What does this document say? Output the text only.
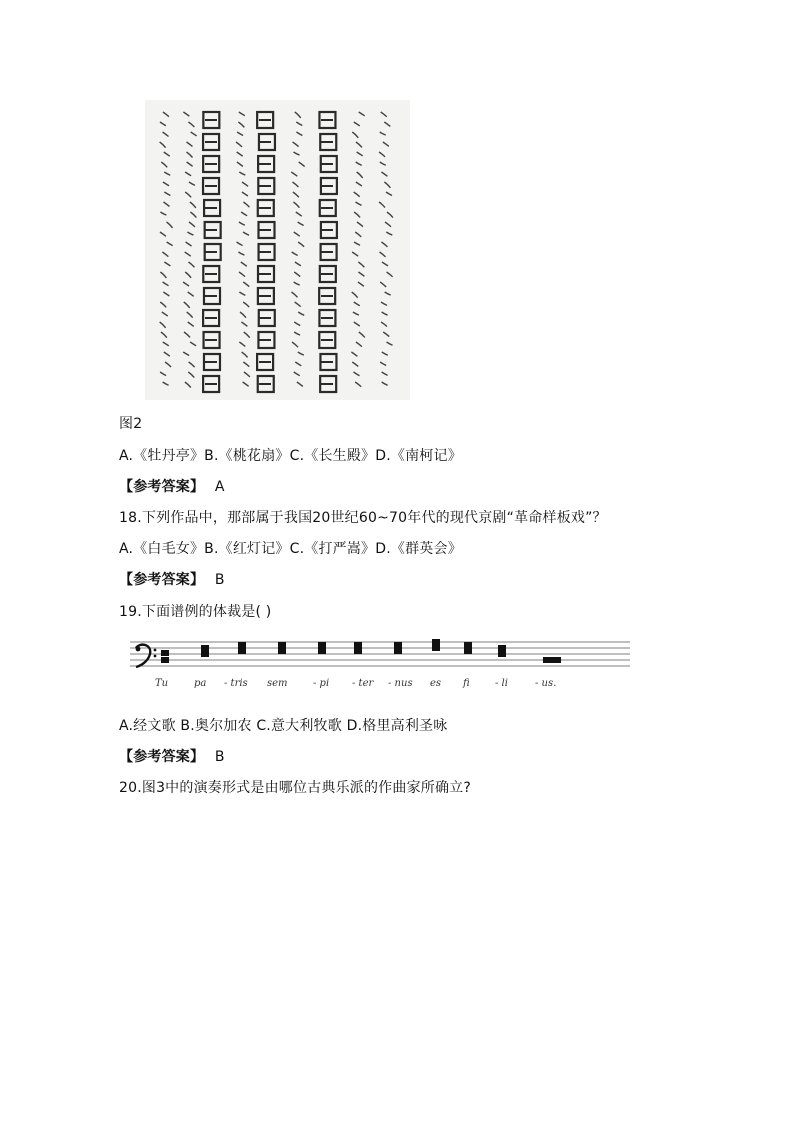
图2
A.《牡丹亭》B.《桃花扇》C.《长生殿》D.《南柯记》
【参考答案】 A
18.下列作品中，那部属于我国20世纪60~70年代的现代京剧“革命样板戏”？
A.《白毛女》B.《红灯记》C.《打严嵩》D.《群英会》
【参考答案】 B
19.下面谱例的体裁是( )
Tu	pa - tris sem	- pi - ter - nus es fi	- li	- us.
A.经文歌 B.奥尔加农 C.意大利牧歌 D.格里高利圣咏
【参考答案】 B
20.图3中的演奏形式是由哪位古典乐派的作曲家所确立?
